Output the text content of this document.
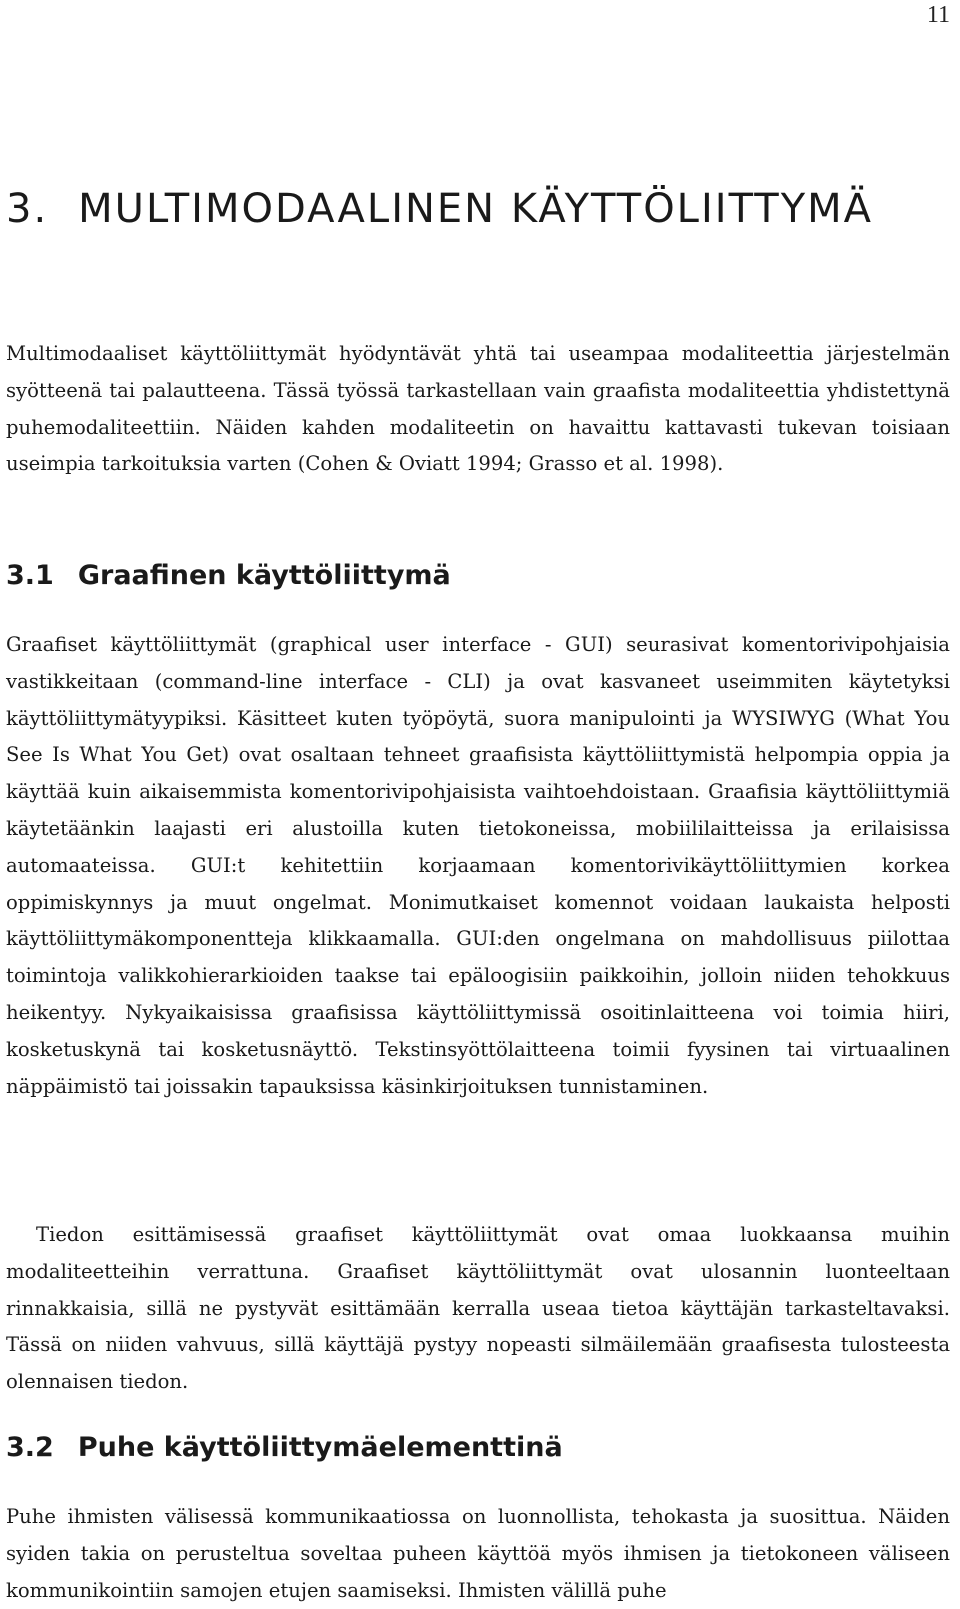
11
3. MULTIMODAALINEN KÄYTTÖLIITTYMÄ

Multimodaaliset käyttöliittymät hyödyntävät yhtä tai useampaa modaliteettia järjestelmän syötteenä tai palautteena. Tässä työssä tarkastellaan vain graafista modaliteettia yhdistettynä puhemodaliteettiin. Näiden kahden modaliteetin on havaittu kattavasti tukevan toisiaan useimpia tarkoituksia varten (Cohen & Oviatt 1994; Grasso et al. 1998).

3.1 Graafinen käyttöliittymä

Graafiset käyttöliittymät (graphical user interface - GUI) seurasivat komentorivipohjaisia vastikkeitaan (command-line interface - CLI) ja ovat kasvaneet useimmiten käytetyksi käyttöliittymätyypiksi. Käsitteet kuten työpöytä, suora manipulointi ja WYSIWYG (What You See Is What You Get) ovat osaltaan tehneet graafisista käyttöliittymistä helpompia oppia ja käyttää kuin aikaisemmista komentorivipohjaisista vaihtoehdoistaan. Graafisia käyttöliittymiä käytetäänkin laajasti eri alustoilla kuten tietokoneissa, mobiililaitteissa ja erilaisissa automaateissa. GUI:t kehitettiin korjaamaan komentorivikäyttöliittymien korkea oppimiskynnys ja muut ongelmat. Monimutkaiset komennot voidaan laukaista helposti käyttöliittymäkomponentteja klikkaamalla. GUI:den ongelmana on mahdollisuus piilottaa toimintoja valikkohierarkioiden taakse tai epäloogisiin paikkoihin, jolloin niiden tehokkuus heikentyy. Nykyaikaisissa graafisissa käyttöliittymissä osoitinlaitteena voi toimia hiiri, kosketuskynä tai kosketusnäyttö. Tekstinsyöttölaitteena toimii fyysinen tai virtuaalinen näppäimistö tai joissakin tapauksissa käsinkirjoituksen tunnistaminen.

Tiedon esittämisessä graafiset käyttöliittymät ovat omaa luokkaansa muihin modaliteetteihin verrattuna. Graafiset käyttöliittymät ovat ulosannin luonteeltaan rinnakkaisia, sillä ne pystyvät esittämään kerralla useaa tietoa käyttäjän tarkasteltavaksi. Tässä on niiden vahvuus, sillä käyttäjä pystyy nopeasti silmäilemään graafisesta tulosteesta olennaisen tiedon.

3.2 Puhe käyttöliittymäelementtinä

Puhe ihmisten välisessä kommunikaatiossa on luonnollista, tehokasta ja suosittua. Näiden syiden takia on perusteltua soveltaa puheen käyttöä myös ihmisen ja tietokoneen väliseen kommunikointiin samojen etujen saamiseksi. Ihmisten välillä puhe
